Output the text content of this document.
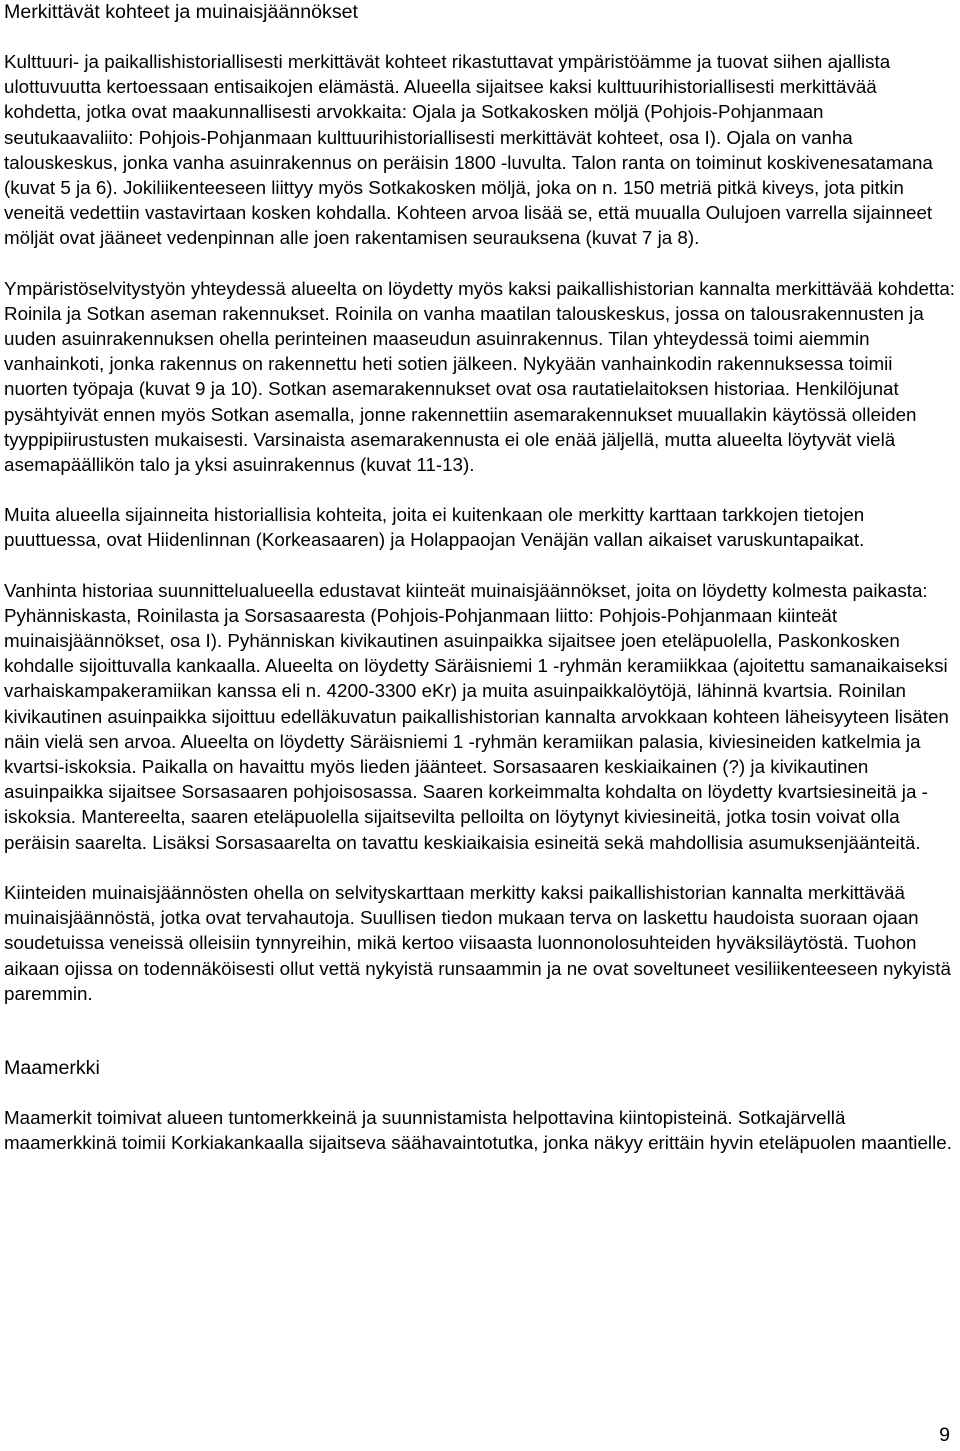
Merkittävät kohteet ja muinaisjäännökset

Kulttuuri- ja paikallishistoriallisesti merkittävät kohteet rikastuttavat ympäristöämme ja tuovat siihen ajallista ulottuvuutta kertoessaan entisaikojen elämästä. Alueella sijaitsee kaksi kulttuurihistoriallisesti merkittävää kohdetta, jotka ovat maakunnallisesti arvokkaita: Ojala ja Sotkakosken möljä (Pohjois-Pohjanmaan seutukaavaliito: Pohjois-Pohjanmaan kulttuurihistoriallisesti merkittävät kohteet, osa I). Ojala on vanha talouskeskus, jonka vanha asuinrakennus on peräisin 1800 -luvulta. Talon ranta on toiminut koskivenesatamana (kuvat 5 ja 6). Jokiliikenteeseen liittyy myös Sotkakosken möljä, joka on n. 150 metriä pitkä kiveys, jota pitkin veneitä vedettiin vastavirtaan kosken kohdalla. Kohteen arvoa lisää se, että muualla Oulujoen varrella sijainneet möljät ovat jääneet vedenpinnan alle joen rakentamisen seurauksena (kuvat 7 ja 8).

Ympäristöselvitystyön yhteydessä alueelta on löydetty myös kaksi paikallishistorian kannalta merkittävää kohdetta: Roinila ja Sotkan aseman rakennukset. Roinila on vanha maatilan talouskeskus, jossa on talousrakennusten ja uuden asuinrakennuksen ohella perinteinen maaseudun asuinrakennus. Tilan yhteydessä toimi aiemmin vanhainkoti, jonka rakennus on rakennettu heti sotien jälkeen. Nykyään vanhainkodin rakennuksessa toimii nuorten työpaja (kuvat 9 ja 10). Sotkan asemarakennukset ovat osa rautatielaitoksen historiaa. Henkilöjunat pysähtyivät ennen myös Sotkan asemalla, jonne rakennettiin asemarakennukset muuallakin käytössä olleiden tyyppipiirustusten mukaisesti. Varsinaista asemarakennusta ei ole enää jäljellä, mutta alueelta löytyvät vielä asemapäällikön talo ja yksi asuinrakennus (kuvat 11-13).

Muita alueella sijainneita historiallisia kohteita, joita ei kuitenkaan ole merkitty karttaan tarkkojen tietojen puuttuessa, ovat Hiidenlinnan (Korkeasaaren) ja Holappaojan Venäjän vallan aikaiset varuskuntapaikat.

Vanhinta historiaa suunnittelualueella edustavat kiinteät muinaisjäännökset, joita on löydetty kolmesta paikasta: Pyhänniskasta, Roinilasta ja Sorsasaaresta (Pohjois-Pohjanmaan liitto: Pohjois-Pohjanmaan kiinteät muinaisjäännökset, osa I). Pyhänniskan kivikautinen asuinpaikka sijaitsee joen eteläpuolella, Paskonkosken kohdalle sijoittuvalla kankaalla. Alueelta on löydetty Säräisniemi 1 -ryhmän keramiikkaa (ajoitettu samanaikaiseksi varhaiskampakeramiikan kanssa eli n. 4200-3300 eKr) ja muita asuinpaikkalöytöjä, lähinnä kvartsia. Roinilan kivikautinen asuinpaikka sijoittuu edelläkuvatun paikallishistorian kannalta arvokkaan kohteen läheisyyteen lisäten näin vielä sen arvoa. Alueelta on löydetty Säräisniemi 1 -ryhmän keramiikan palasia, kiviesineiden katkelmia ja kvartsi-iskoksia. Paikalla on havaittu myös lieden jäänteet. Sorsasaaren keskiaikainen (?) ja kivikautinen asuinpaikka sijaitsee Sorsasaaren pohjoisosassa. Saaren korkeimmalta kohdalta on löydetty kvartsiesineitä ja -iskoksia. Mantereelta, saaren eteläpuolella sijaitsevilta pelloilta on löytynyt kiviesineitä, jotka tosin voivat olla peräisin saarelta. Lisäksi Sorsasaarelta on tavattu keskiaikaisia esineitä sekä mahdollisia asumuksenjäänteitä.

Kiinteiden muinaisjäännösten ohella on selvityskarttaan merkitty kaksi paikallishistorian kannalta merkittävää muinaisjäännöstä, jotka ovat tervahautoja. Suullisen tiedon mukaan terva on laskettu haudoista suoraan ojaan soudetuissa veneissä olleisiin tynnyreihin, mikä kertoo viisaasta luonnonolosuhteiden hyväksiläytöstä. Tuohon aikaan ojissa on todennäköisesti ollut vettä nykyistä runsaammin ja ne ovat soveltuneet vesiliikenteeseen nykyistä paremmin.

Maamerkki

Maamerkit toimivat alueen tuntomerkkeinä ja suunnistamista helpottavina kiintopisteinä. Sotkajärvellä maamerkkinä toimii Korkiakankaalla sijaitseva säähavaintotutka, jonka näkyy erittäin hyvin eteläpuolen maantielle.

9
